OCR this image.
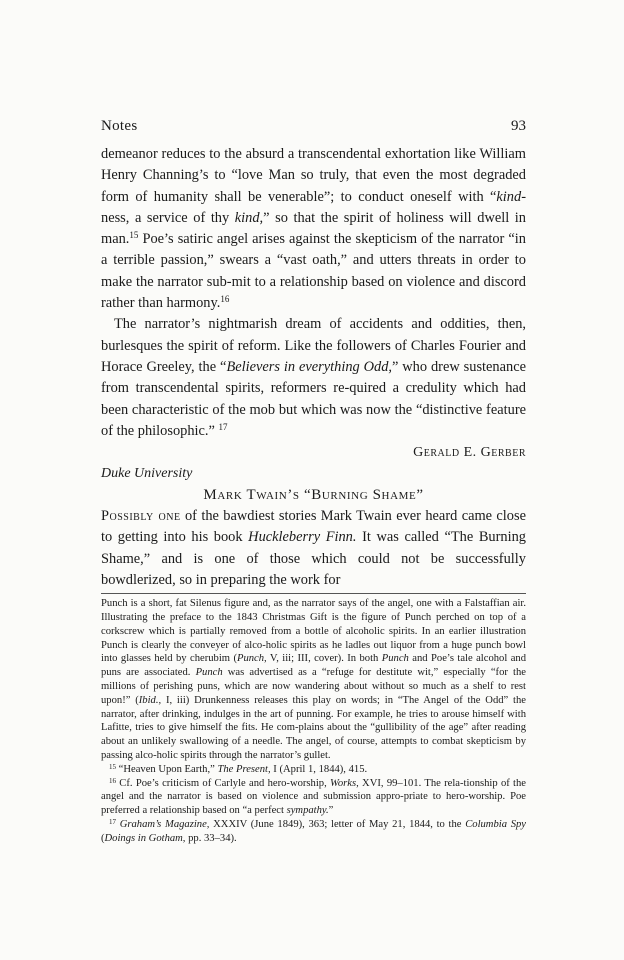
Notes	93

demeanor reduces to the absurd a transcendental exhortation like William Henry Channing’s to “love Man so truly, that even the most degraded form of humanity shall be venerable”; to conduct oneself with “kind-ness, a service of thy kind,” so that the spirit of holiness will dwell in man.$^{15}$ Poe’s satiric angel arises against the skepticism of the narrator “in a terrible passion,” swears a “vast oath,” and utters threats in order to make the narrator sub-mit to a relationship based on violence and discord rather than harmony.$^{16}$

The narrator’s nightmarish dream of accidents and oddities, then, burlesques the spirit of reform. Like the followers of Charles Fourier and Horace Greeley, the “Believers in everything Odd,” who drew sustenance from transcendental spirits, reformers re-quired a credulity which had been characteristic of the mob but which was now the “distinctive feature of the philosophic.” $^{17}$

Gerald E. Gerber

Duke University

Mark Twain’s “Burning Shame”

Possibly one of the bawdiest stories Mark Twain ever heard came close to getting into his book Huckleberry Finn. It was called “The Burning Shame,” and is one of those which could not be successfully bowdlerized, so in preparing the work for

Punch is a short, fat Silenus figure and, as the narrator says of the angel, one with a Falstaffian air. Illustrating the preface to the 1843 Christmas Gift is the figure of Punch perched on top of a corkscrew which is partially removed from a bottle of alcoholic spirits. In an earlier illustration Punch is clearly the conveyer of alco-holic spirits as he ladles out liquor from a huge punch bowl into glasses held by cherubim (Punch, V, iii; III, cover). In both Punch and Poe’s tale alcohol and puns are associated. Punch was advertised as a “refuge for destitute wit,” especially “for the millions of perishing puns, which are now wandering about without so much as a shelf to rest upon!” (Ibid., I, iii) Drunkenness releases this play on words; in “The Angel of the Odd” the narrator, after drinking, indulges in the art of punning. For example, he tries to arouse himself with Lafitte, tries to give himself the fits. He com-plains about the “gullibility of the age” after reading about an unlikely swallowing of a needle. The angel, of course, attempts to combat skepticism by passing alco-holic spirits through the narrator’s gullet.

$^{15}$ “Heaven Upon Earth,” The Present, I (April 1, 1844), 415.

$^{16}$ Cf. Poe’s criticism of Carlyle and hero-worship, Works, XVI, 99–101. The rela-tionship of the angel and the narrator is based on violence and submission appro-priate to hero-worship. Poe preferred a relationship based on “a perfect sympathy.”

$^{17}$ Graham’s Magazine, XXXIV (June 1849), 363; letter of May 21, 1844, to the Columbia Spy (Doings in Gotham, pp. 33–34).
